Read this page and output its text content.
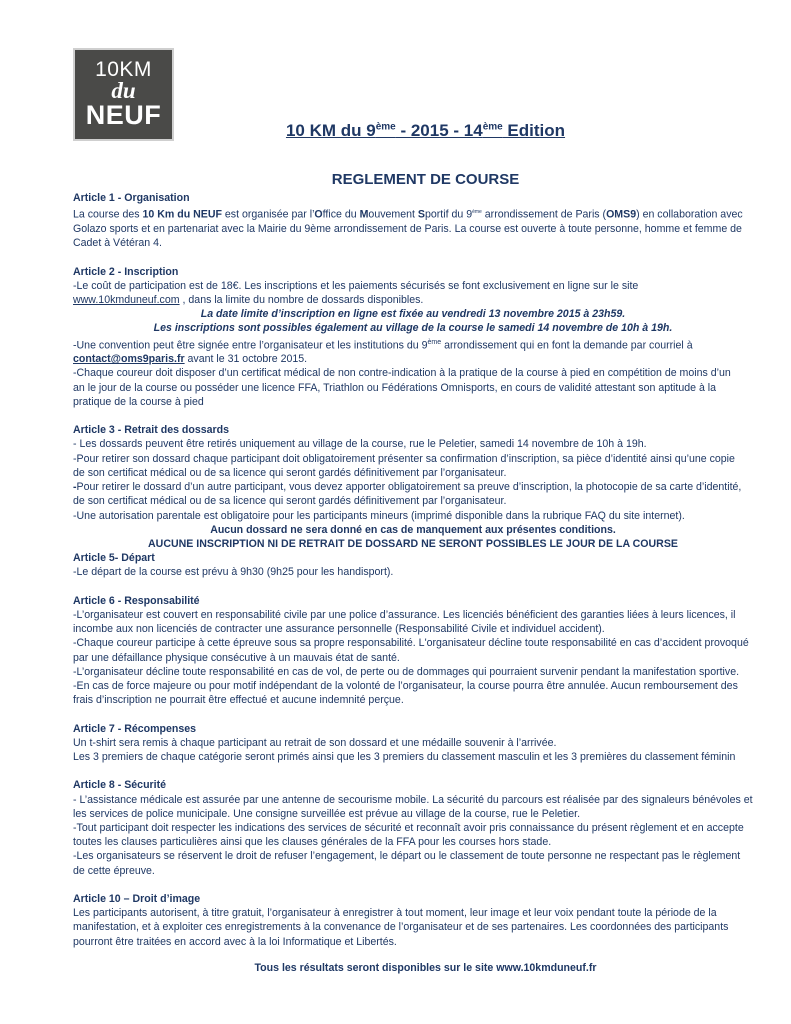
10KM
du
NEUF
10 KM du 9ème - 2015 - 14ème Edition
REGLEMENT DE COURSE

Article 1 - Organisation

La course des 10 Km du NEUF est organisée par l’Office du Mouvement Sportif du 9ème arrondissement de Paris (OMS9) en collaboration avec

Golazo sports et en partenariat avec la Mairie du 9ème arrondissement de Paris. La course est ouverte à toute personne, homme et femme de

Cadet à Vétéran 4.

Article 2 - Inscription

-Le coût de participation est de 18€. Les inscriptions et les paiements sécurisés se font exclusivement en ligne sur le site

www.10kmduneuf.com , dans la limite du nombre de dossards disponibles.

La date limite d’inscription en ligne est fixée au vendredi 13 novembre 2015 à 23h59.

Les inscriptions sont possibles également au village de la course le samedi 14 novembre de 10h à 19h.

-Une convention peut être signée entre l’organisateur et les institutions du 9ème arrondissement qui en font la demande par courriel à

contact@oms9paris.fr avant le 31 octobre 2015.

-Chaque coureur doit disposer d’un certificat médical de non contre-indication à la pratique de la course à pied en compétition de moins d’un

an le jour de la course ou posséder une licence FFA, Triathlon ou Fédérations Omnisports, en cours de validité attestant son aptitude à la

pratique de la course à pied

Article 3 - Retrait des dossards

- Les dossards peuvent être retirés uniquement au village de la course, rue le Peletier, samedi 14 novembre de 10h à 19h.

-Pour retirer son dossard chaque participant doit obligatoirement présenter sa confirmation d’inscription, sa pièce d’identité ainsi qu’une copie

de son certificat médical ou de sa licence qui seront gardés définitivement par l’organisateur.

-Pour retirer le dossard d’un autre participant, vous devez apporter obligatoirement sa preuve d’inscription, la photocopie de sa carte d’identité,

de son certificat médical ou de sa licence qui seront gardés définitivement par l’organisateur.

-Une autorisation parentale est obligatoire pour les participants mineurs (imprimé disponible dans la rubrique FAQ du site internet).

Aucun dossard ne sera donné en cas de manquement aux présentes conditions.

AUCUNE INSCRIPTION NI DE RETRAIT DE DOSSARD NE SERONT POSSIBLES LE JOUR DE LA COURSE

Article 5- Départ

-Le départ de la course est prévu à 9h30 (9h25 pour les handisport).

Article 6 - Responsabilité

-L’organisateur est couvert en responsabilité civile par une police d’assurance. Les licenciés bénéficient des garanties liées à leurs licences, il

incombe aux non licenciés de contracter une assurance personnelle (Responsabilité Civile et individuel accident).

-Chaque coureur participe à cette épreuve sous sa propre responsabilité. L'organisateur décline toute responsabilité en cas d’accident provoqué

par une défaillance physique consécutive à un mauvais état de santé.

-L’organisateur décline toute responsabilité en cas de vol, de perte ou de dommages qui pourraient survenir pendant la manifestation sportive.

-En cas de force majeure ou pour motif indépendant de la volonté de l’organisateur, la course pourra être annulée. Aucun remboursement des

frais d’inscription ne pourrait être effectué et aucune indemnité perçue.

Article 7 - Récompenses

Un t-shirt sera remis à chaque participant au retrait de son dossard et une médaille souvenir à l’arrivée.

Les 3 premiers de chaque catégorie seront primés ainsi que les 3 premiers du classement masculin et les 3 premières du classement féminin

Article 8 - Sécurité

- L’assistance médicale est assurée par une antenne de secourisme mobile. La sécurité du parcours est réalisée par des signaleurs bénévoles et

les services de police municipale. Une consigne surveillée est prévue au village de la course, rue le Peletier.

-Tout participant doit respecter les indications des services de sécurité et reconnaît avoir pris connaissance du présent règlement et en accepte

toutes les clauses particulières ainsi que les clauses générales de la FFA pour les courses hors stade.

-Les organisateurs se réservent le droit de refuser l’engagement, le départ ou le classement de toute personne ne respectant pas le règlement

de cette épreuve.

Article 10 – Droit d’image

Les participants autorisent, à titre gratuit, l’organisateur à enregistrer à tout moment, leur image et leur voix pendant toute la période de la

manifestation, et à exploiter ces enregistrements à la convenance de l’organisateur et de ses partenaires. Les coordonnées des participants

pourront être traitées en accord avec à la loi Informatique et Libertés.

Tous les résultats seront disponibles sur le site www.10kmduneuf.fr
